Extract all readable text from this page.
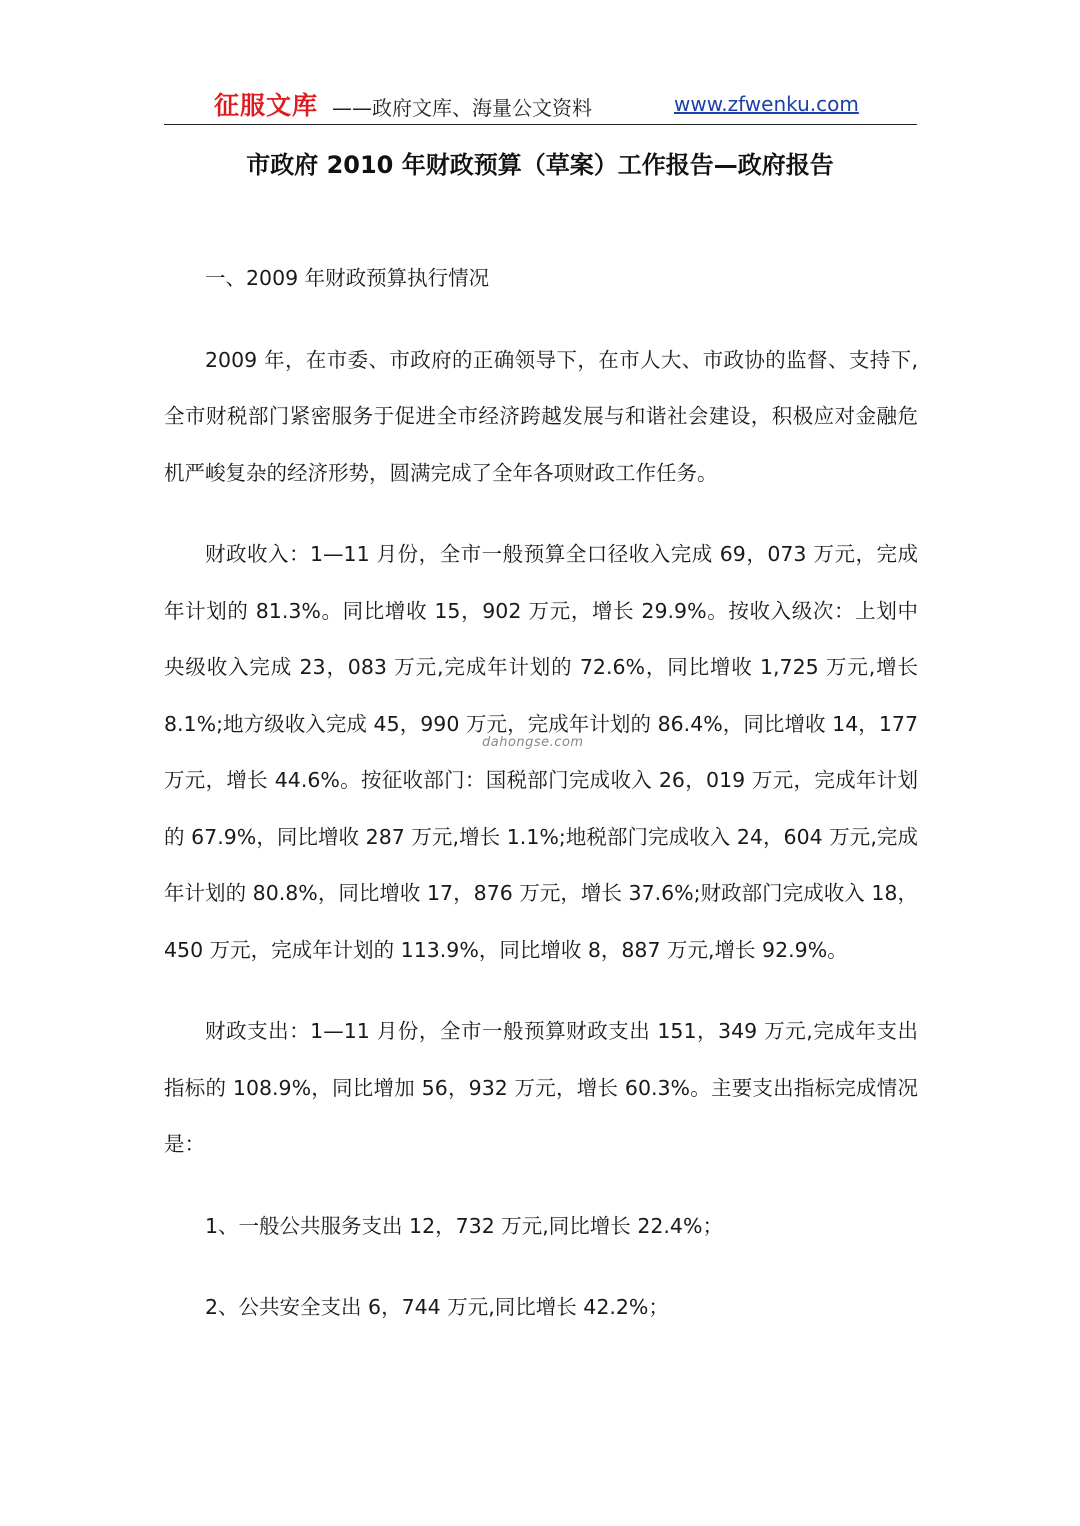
征服文库 ——政府文库、海量公文资料	www.zfwenku.com
市政府 2010 年财政预算（草案）工作报告—政府报告

一、2009 年财政预算执行情况

2009 年，在市委、市政府的正确领导下，在市人大、市政协的监督、支持下,全市财税部门紧密服务于促进全市经济跨越发展与和谐社会建设，积极应对金融危机严峻复杂的经济形势，圆满完成了全年各项财政工作任务。

财政收入：1—11 月份，全市一般预算全口径收入完成 69，073 万元，完成年计划的 81.3%。同比增收 15，902 万元，增长 29.9%。按收入级次：上划中央级收入完成 23，083 万元,完成年计划的 72.6%，同比增收 1,725 万元,增长 8.1%;地方级收入完成 45，990 万元，完成年计划的 86.4%，同比增收 14，177 万元，增长 44.6%。按征收部门：国税部门完成收入 26，019 万元，完成年计划的 67.9%，同比增收 287 万元,增长 1.1%;地税部门完成收入 24，604 万元,完成年计划的 80.8%，同比增收 17，876 万元，增长 37.6%;财政部门完成收入 18，450 万元，完成年计划的 113.9%，同比增收 8，887 万元,增长 92.9%。

财政支出：1—11 月份，全市一般预算财政支出 151，349 万元,完成年支出指标的 108.9%，同比增加 56，932 万元，增长 60.3%。主要支出指标完成情况是：

1、一般公共服务支出 12，732 万元,同比增长 22.4%；

2、公共安全支出 6，744 万元,同比增长 42.2%；

dahongse.com
